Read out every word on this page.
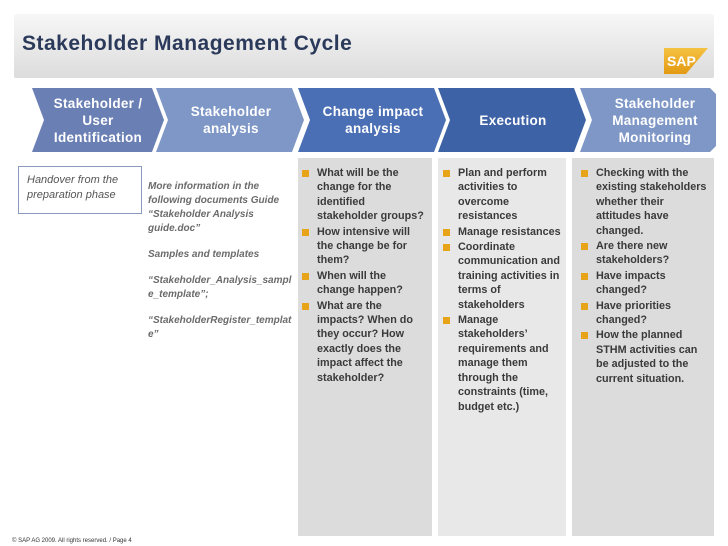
Stakeholder Management Cycle
SAP
Stakeholder /
User
Identification
Stakeholder
analysis
Change impact
analysis
Execution
Stakeholder
Management
Monitoring
Handover from the
preparation phase

More information in the following documents Guide

“Stakeholder Analysis guide.doc”

Samples and templates

“Stakeholder_Analysis_sample_template”;

“StakeholderRegister_template”

What will be the change for the identified stakeholder groups?
How intensive will the change be for them?
When will the change happen?
What are the impacts? When do they occur? How exactly does the impact affect the stakeholder?
Plan and perform activities to overcome resistances
Manage resistances
Coordinate communication and training activities in terms of stakeholders
Manage stakeholders’ requirements and manage them through the constraints (time, budget etc.)
Checking with the existing stakeholders whether their attitudes have changed.
Are there new stakeholders?
Have impacts changed?
Have priorities changed?
How the planned STHM activities can be adjusted to the current situation.
© SAP AG 2009. All rights reserved. / Page 4
